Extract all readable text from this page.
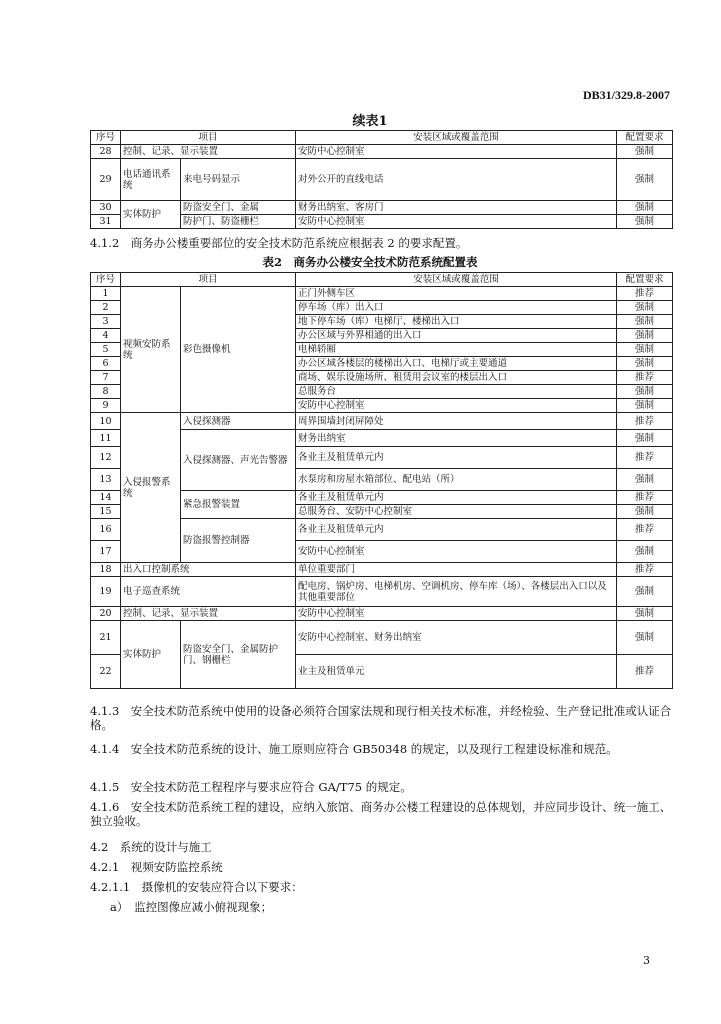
DB31/329.8-2007
续表1
序号	项目		安装区域或覆盖范围	配置要求
28	控制、记录、显示装置		安防中心控制室	强制
29	电话通讯系统	来电号码显示	对外公开的直线电话	强制
30	实体防护	防盗安全门、金属	财务出纳室、客房门	强制
31		防护门、防盗栅栏	安防中心控制室	强制

4.1.2　商务办公楼重要部位的安全技术防范系统应根据表 2 的要求配置。

表2　商务办公楼安全技术防范系统配置表
序号	项目		安装区域或覆盖范围	配置要求
1	视频安防系统	彩色摄像机	正门外侧车区	推荐
2			停车场（库）出入口	强制
3			地下停车场（库）电梯厅、楼梯出入口	强制
4			办公区域与外界相通的出入口	强制
5			电梯轿厢	强制
6			办公区域各楼层的楼梯出入口、电梯厅或主要通道	强制
7			商场、娱乐设施场所、租赁用会议室的楼层出入口	推荐
8			总服务台	强制
9			安防中心控制室	强制
10	入侵报警系统	入侵探测器	周界围墙封闭屏障处	推荐
11		入侵探测器、声光告警器	财务出纳室	强制
12			各业主及租赁单元内	推荐
13			水泵房和房屋水箱部位、配电站（所）	强制
14		紧急报警装置	各业主及租赁单元内	推荐
15			总服务台、安防中心控制室	强制
16		防盗报警控制器	各业主及租赁单元内	推荐
17			安防中心控制室	强制
18	出入口控制系统		单位重要部门	推荐
19	电子巡查系统		配电房、锅炉房、电梯机房、空调机房、停车库（场）、各楼层出入口以及其他重要部位	强制
20	控制、记录、显示装置		安防中心控制室	强制
21	实体防护	防盗安全门、金属防护门、钢栅栏	安防中心控制室、财务出纳室	强制
22			业主及租赁单元	推荐

4.1.3　安全技术防范系统中使用的设备必须符合国家法规和现行相关技术标准，并经检验、生产登记批准或认证合格。

4.1.4　安全技术防范系统的设计、施工原则应符合 GB50348 的规定，以及现行工程建设标准和规范。

4.1.5　安全技术防范工程程序与要求应符合 GA/T75 的规定。

4.1.6　安全技术防范系统工程的建设，应纳入旅馆、商务办公楼工程建设的总体规划，并应同步设计、统一施工、独立验收。

4.2　系统的设计与施工

4.2.1　视频安防监控系统

4.2.1.1　摄像机的安装应符合以下要求：

a）　监控图像应减小俯视现象；

3
